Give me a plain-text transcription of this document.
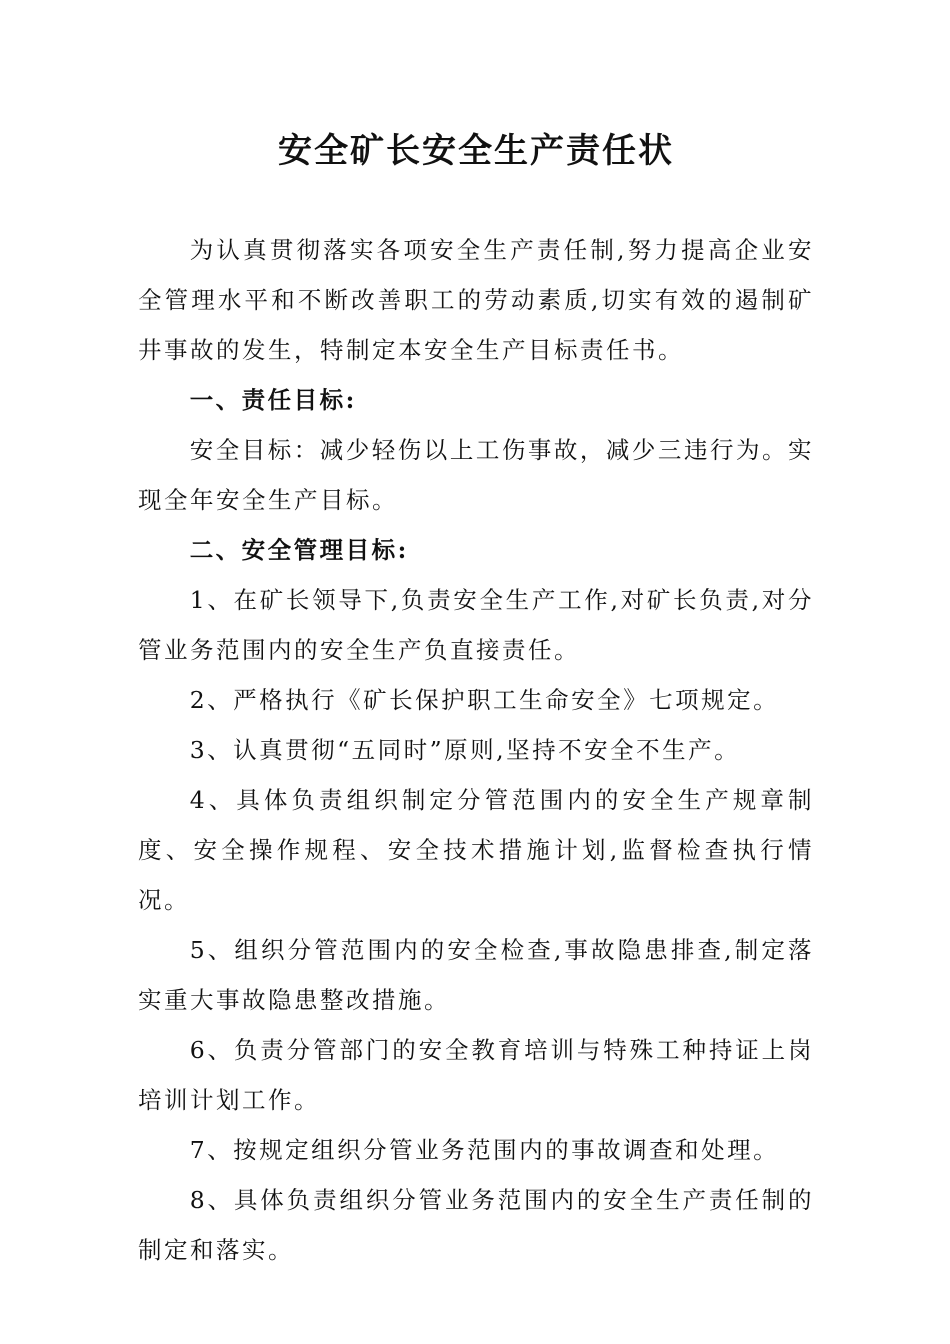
安全矿长安全生产责任状

为认真贯彻落实各项安全生产责任制,努力提高企业安全管理水平和不断改善职工的劳动素质,切实有效的遏制矿井事故的发生，特制定本安全生产目标责任书。

一、责任目标:

安全目标：减少轻伤以上工伤事故，减少三违行为。实现全年安全生产目标。

二、安全管理目标:

1、在矿长领导下,负责安全生产工作,对矿长负责,对分管业务范围内的安全生产负直接责任。

2、严格执行《矿长保护职工生命安全》七项规定。

3、认真贯彻“五同时”原则,坚持不安全不生产。

4、具体负责组织制定分管范围内的安全生产规章制度、安全操作规程、安全技术措施计划,监督检查执行情况。

5、组织分管范围内的安全检查,事故隐患排查,制定落实重大事故隐患整改措施。

6、负责分管部门的安全教育培训与特殊工种持证上岗培训计划工作。

7、按规定组织分管业务范围内的事故调查和处理。

8、具体负责组织分管业务范围内的安全生产责任制的制定和落实。
